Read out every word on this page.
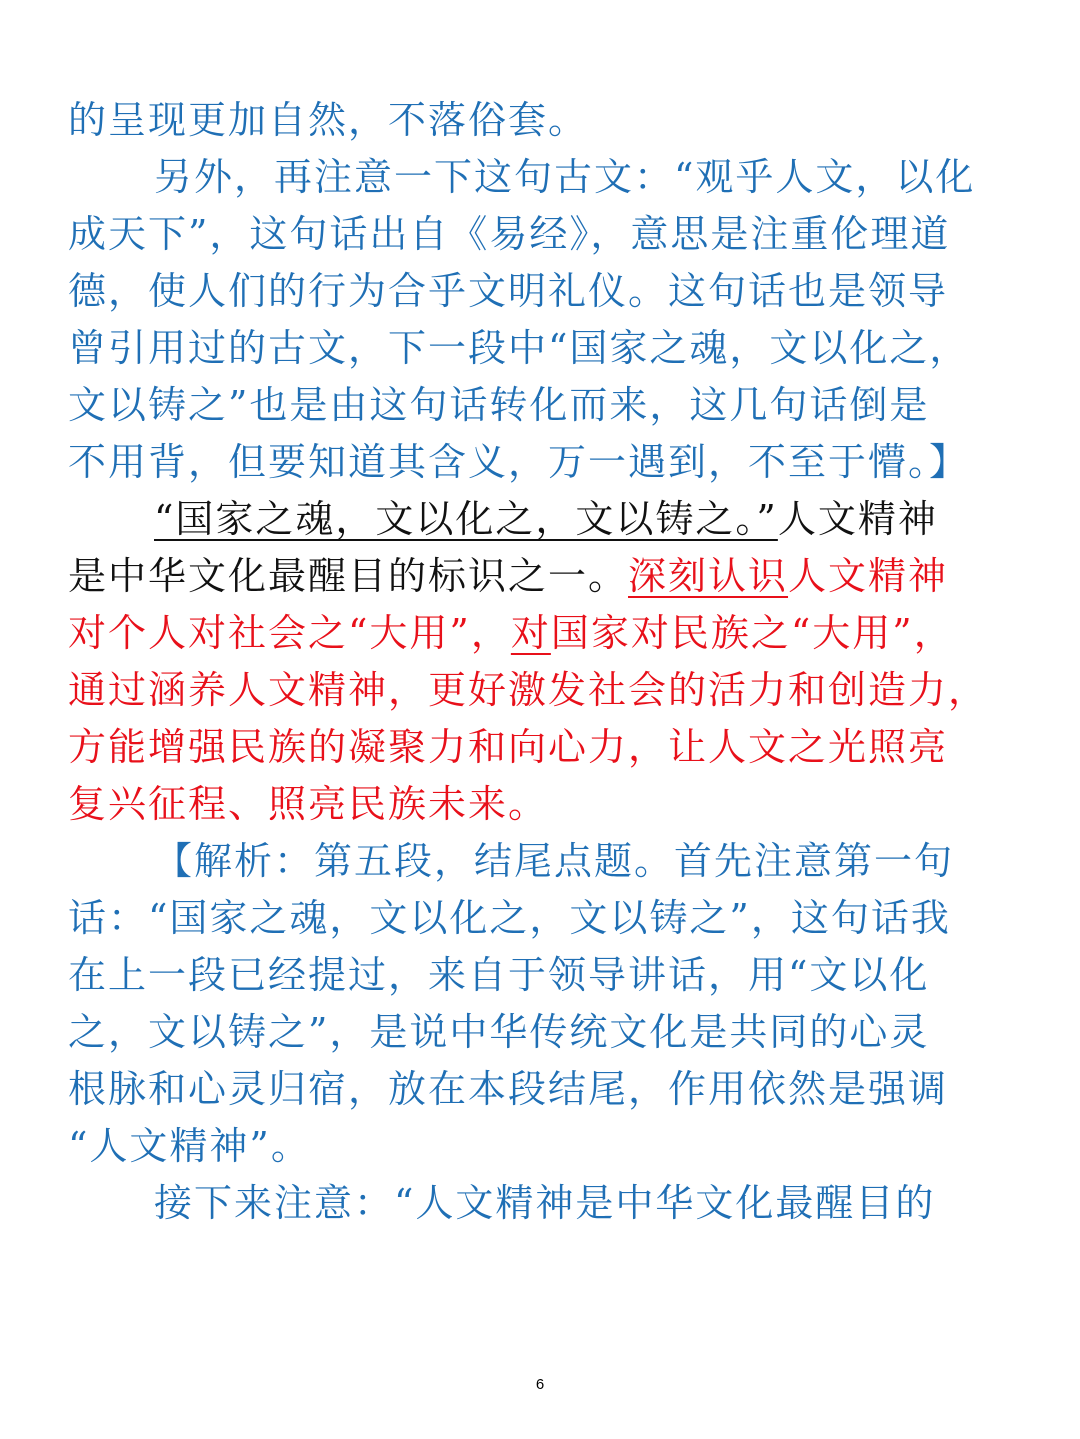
的呈现更加自然，不落俗套。
另外，再注意一下这句古文：“观乎人文，以化
成天下”，这句话出自《易经》，意思是注重伦理道
德，使人们的行为合乎文明礼仪。这句话也是领导
曾引用过的古文，下一段中“国家之魂，文以化之，
文以铸之”也是由这句话转化而来，这几句话倒是
不用背，但要知道其含义，万一遇到，不至于懵。】
“国家之魂，文以化之，文以铸之。”人文精神
是中华文化最醒目的标识之一。深刻认识人文精神
对个人对社会之“大用”，对国家对民族之“大用”，
通过涵养人文精神，更好激发社会的活力和创造力，
方能增强民族的凝聚力和向心力，让人文之光照亮
复兴征程、照亮民族未来。
【解析：第五段，结尾点题。首先注意第一句
话：“国家之魂，文以化之，文以铸之”，这句话我
在上一段已经提过，来自于领导讲话，用“文以化
之，文以铸之”，是说中华传统文化是共同的心灵
根脉和心灵归宿，放在本段结尾，作用依然是强调
“人文精神”。
接下来注意：“人文精神是中华文化最醒目的
6
